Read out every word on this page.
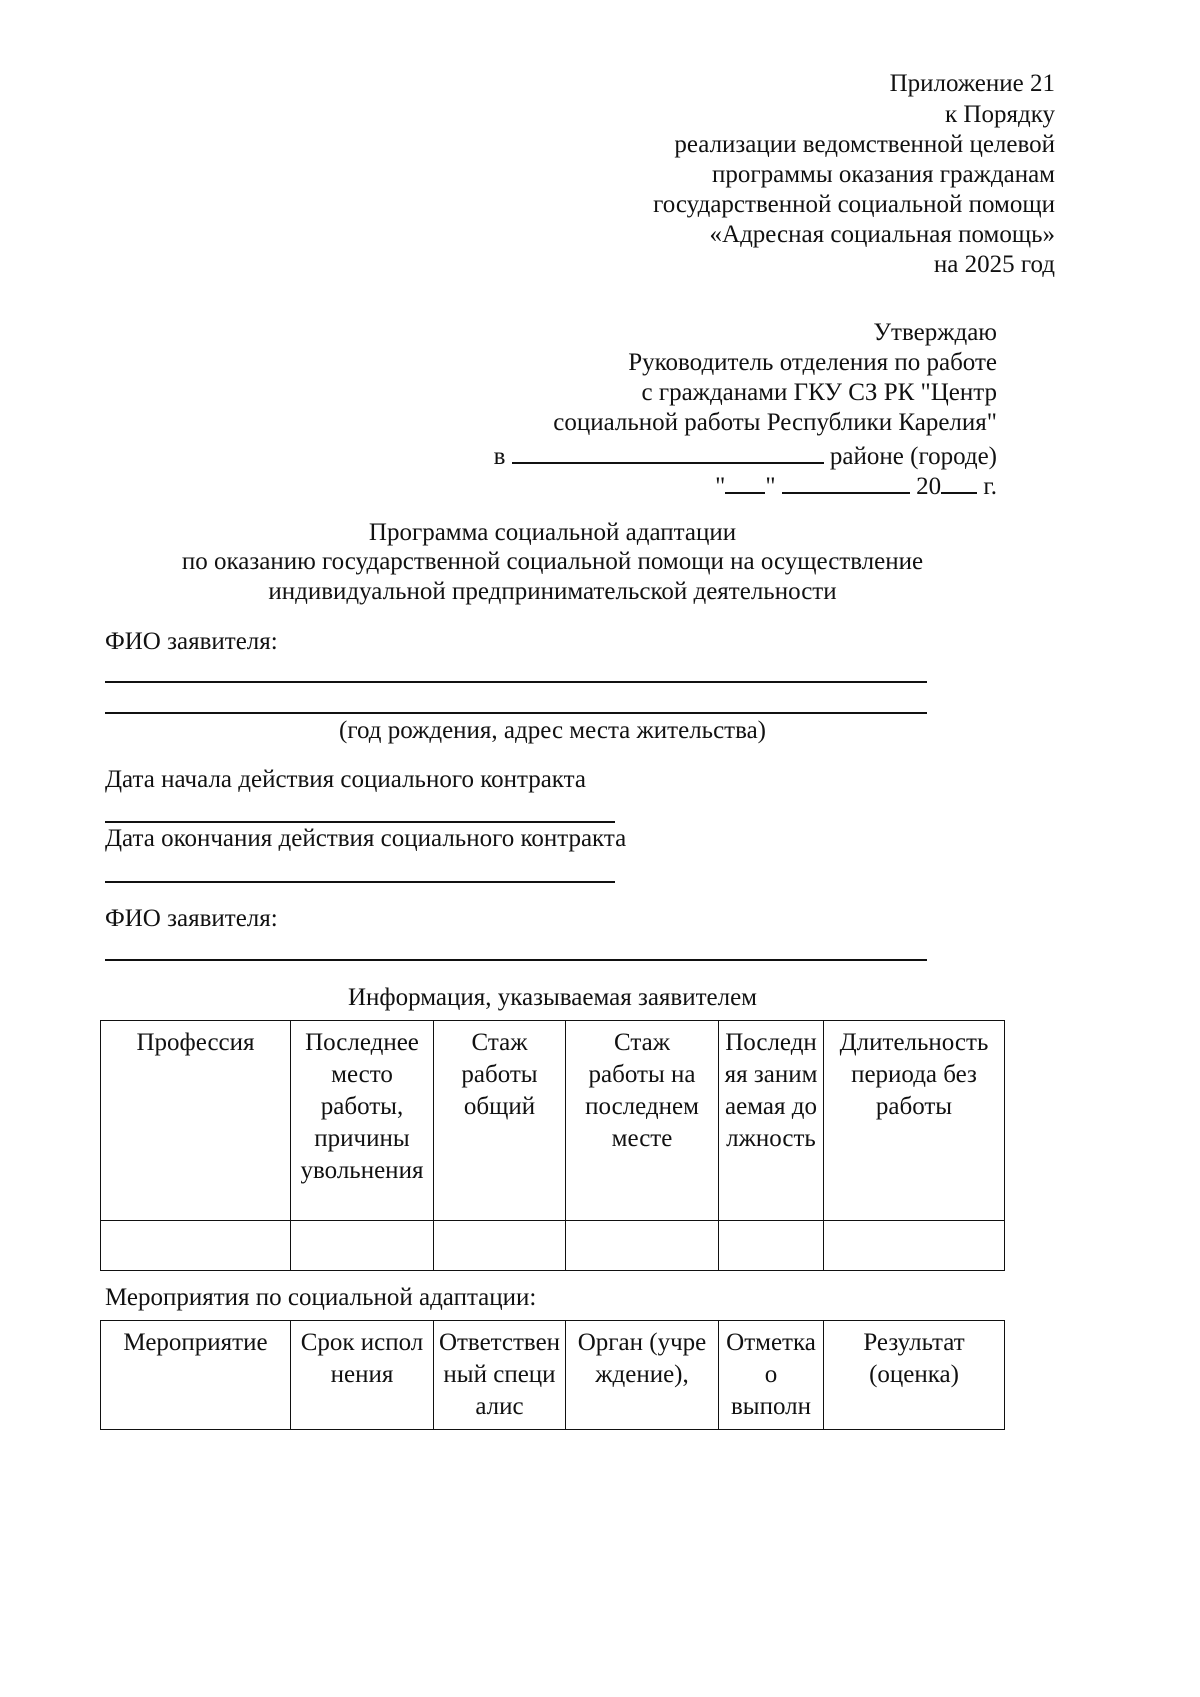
Приложение 21
к Порядку
реализации ведомственной целевой
программы оказания гражданам
государственной социальной помощи
«Адресная социальная помощь»
на 2025 год
Утверждаю
Руководитель отделения по работе
с гражданами ГКУ СЗ РК "Центр
социальной работы Республики Карелия"
в	районе (городе)
" "	20 г.
Программа социальной адаптации
по оказанию государственной социальной помощи на осуществление
индивидуальной предпринимательской деятельности
ФИО заявителя:
(год рождения, адрес места жительства)
Дата начала действия социального контракта
Дата окончания действия социального контракта
ФИО заявителя:
Информация, указываемая заявителем
Профессия	Последнее место работы, причины увольнения	Стаж работы общий	Стаж работы на последнем месте	Последняя занимаемая должность	Длительность периода без работы

Мероприятия по социальной адаптации:
Мероприятие	Срок исполнения	Ответственный специалис	Орган (учреждение),	Отметка о выполн	Результат (оценка)
